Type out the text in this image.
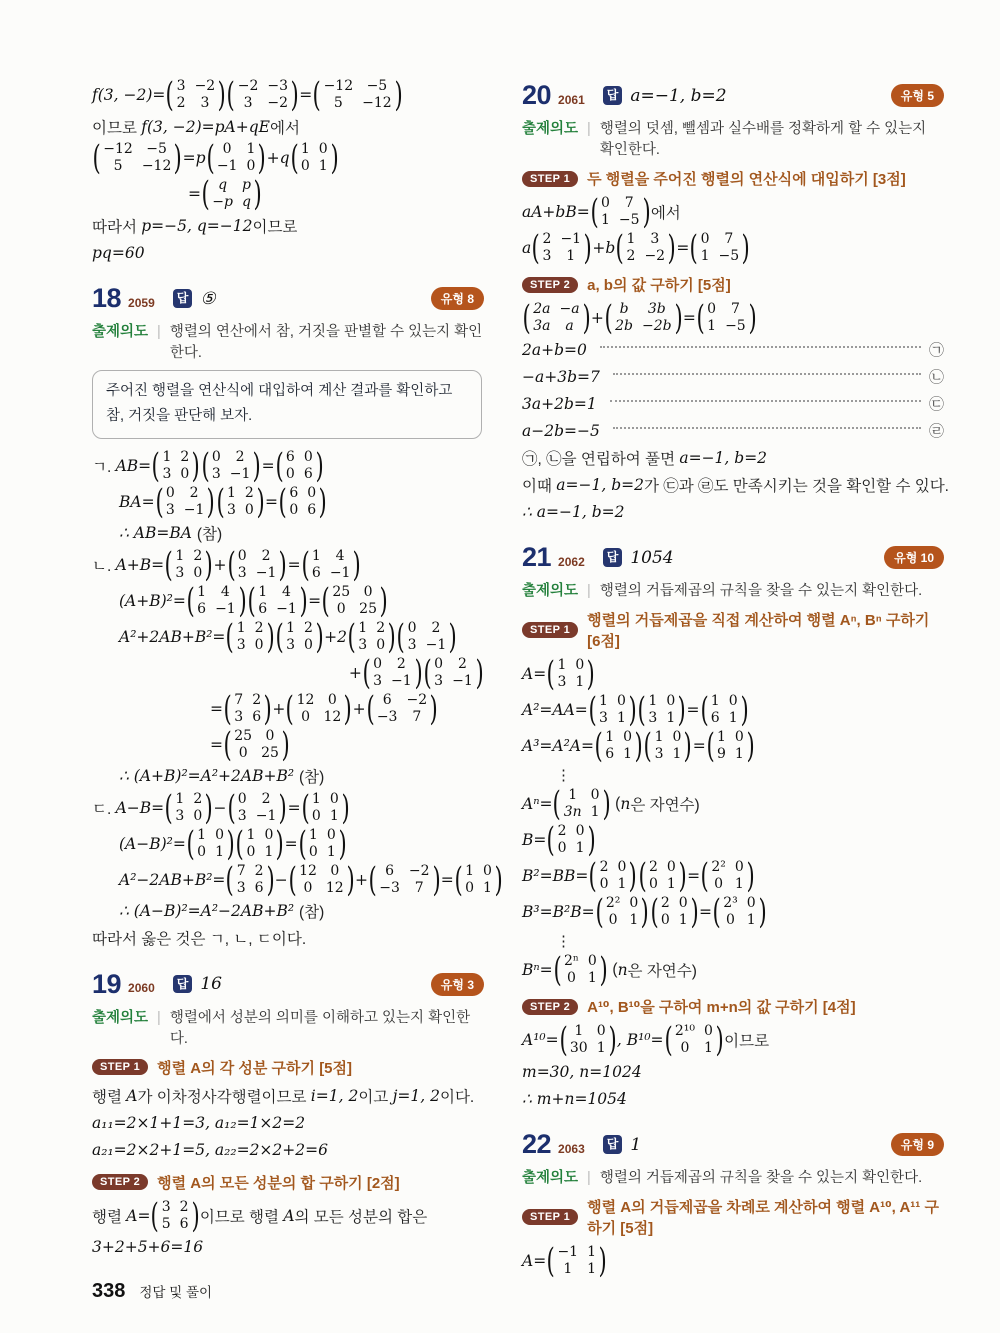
f(3, −2)= ( 3 −2
2	3 ) ( −2 −3
3	−2 ) = ( −12 −5
5	−12 )
이므로 f(3, −2)=pA+qE 에서
( −12 −5
5	−12 ) =p ( 0	1
−1 0 ) +q ( 1 0
0 1 )
= ( q	p
−p q )
따라서 p=−5, q=−12 이므로
pq=60
18 2059	답 ⑤	유형 8
출제의도 | 행렬의 연산에서 참, 거짓을 판별할 수 있는지 확인한다.
주어진 행렬을 연산식에 대입하여 계산 결과를 확인하고 참, 거짓을 판단해 보자.
ㄱ. AB= ( 1 2
3 0 ) ( 0	2
3 −1 ) = ( 6 0
0 6 )
BA= ( 0	2
3 −1 ) ( 1 2
3 0 ) = ( 6 0
0 6 )
∴ AB=BA (참)
ㄴ. A+B= ( 1 2
3 0 ) + ( 0	2
3 −1 ) = ( 1	4
6 −1 )
(A+B)²= ( 1	4
6 −1 ) ( 1	4
6 −1 ) = ( 25 0
0 25 )
A²+2AB+B²= ( 1 2
3 0 ) ( 1 2
3 0 ) +2 ( 1 2
3 0 ) ( 0	2
3 −1 )
+ ( 0	2
3 −1 ) ( 0	2
3 −1 )
= ( 7 2
3 6 ) + ( 12 0
0 12 ) + ( 6	−2
−3	7 )
= ( 25 0
0 25 )
∴ (A+B)²=A²+2AB+B² (참)
ㄷ. A−B= ( 1 2
3 0 ) − ( 0	2
3 −1 ) = ( 1 0
0 1 )
(A−B)²= ( 1 0
0 1 ) ( 1 0
0 1 ) = ( 1 0
0 1 )
A²−2AB+B²= ( 7 2
3 6 ) − ( 12 0
0 12 ) + ( 6	−2
−3	7 ) = ( 1 0
0 1 )
∴ (A−B)²=A²−2AB+B² (참)
따라서 옳은 것은 ㄱ, ㄴ, ㄷ이다.
19 2060	답 16	유형 3
출제의도 | 행렬에서 성분의 의미를 이해하고 있는지 확인한다.
STEP 1	행렬 A의 각 성분 구하기 [5점]
행렬 A 가 이차정사각행렬이므로 i=1, 2 이고 j=1, 2 이다.
a₁₁=2×1+1=3, a₁₂=1×2=2
a₂₁=2×2+1=5, a₂₂=2×2+2=6
STEP 2	행렬 A의 모든 성분의 합 구하기 [2점]
행렬 A= ( 3 2
5 6 ) 이므로 행렬 A 의 모든 성분의 합은
3+2+5+6=16
20 2061	답 a=−1, b=2	유형 5
출제의도 | 행렬의 덧셈, 뺄셈과 실수배를 정확하게 할 수 있는지 확인한다.
STEP 1	두 행렬을 주어진 행렬의 연산식에 대입하기 [3점]
aA+bB= ( 0	7
1 −5 ) 에서
a ( 2 −1
3	1 ) +b ( 1	3
2 −2 ) = ( 0	7
1 −5 )
STEP 2	a, b의 값 구하기 [5점]
( 2a −a
3a	a ) + ( b	3b
2b −2b ) = ( 0	7
1 −5 )
2a+b=0	㉠
−a+3b=7	㉡
3a+2b=1	㉢
a−2b=−5	㉣
㉠, ㉡을 연립하여 풀면 a=−1, b=2
이때 a=−1, b=2 가 ㉢과 ㉣도 만족시키는 것을 확인할 수 있다.
∴ a=−1, b=2
21 2062	답 1054	유형 10
출제의도 | 행렬의 거듭제곱의 규칙을 찾을 수 있는지 확인한다.
STEP 1
행렬의 거듭제곱을 직접 계산하여 행렬 Aⁿ, Bⁿ 구하기 [6점]
A= ( 1 0
3 1 )
A²=AA= ( 1 0
3 1 ) ( 1 0
3 1 ) = ( 1 0
6 1 )
A³=A²A= ( 1 0
6 1 ) ( 1 0
3 1 ) = ( 1 0
9 1 )
⋮
Aⁿ= ( 1 0
3n 1 ) ( n 은 자연수)
B= ( 2 0
0 1 )
B²=BB= ( 2 0
0 1 ) ( 2 0
0 1 ) = ( 2² 0
0 1 )
B³=B²B= ( 2² 0
0 1 ) ( 2 0
0 1 ) = ( 2³ 0
0 1 )
⋮
Bⁿ= ( 2ⁿ 0
0 1 ) ( n 은 자연수)
STEP 2	A¹⁰, B¹⁰을 구하여 m+n의 값 구하기 [4점]
A¹⁰= ( 1 0
30 1 ) , B¹⁰= ( 2¹⁰ 0
0	1 ) 이므로
m=30, n=1024
∴ m+n=1054
22 2063	답 1	유형 9
출제의도 | 행렬의 거듭제곱의 규칙을 찾을 수 있는지 확인한다.
STEP 1
행렬 A의 거듭제곱을 차례로 계산하여 행렬 A¹⁰, A¹¹ 구하기 [5점]
A= ( −1 1
1	1 )
338 정답 및 풀이
